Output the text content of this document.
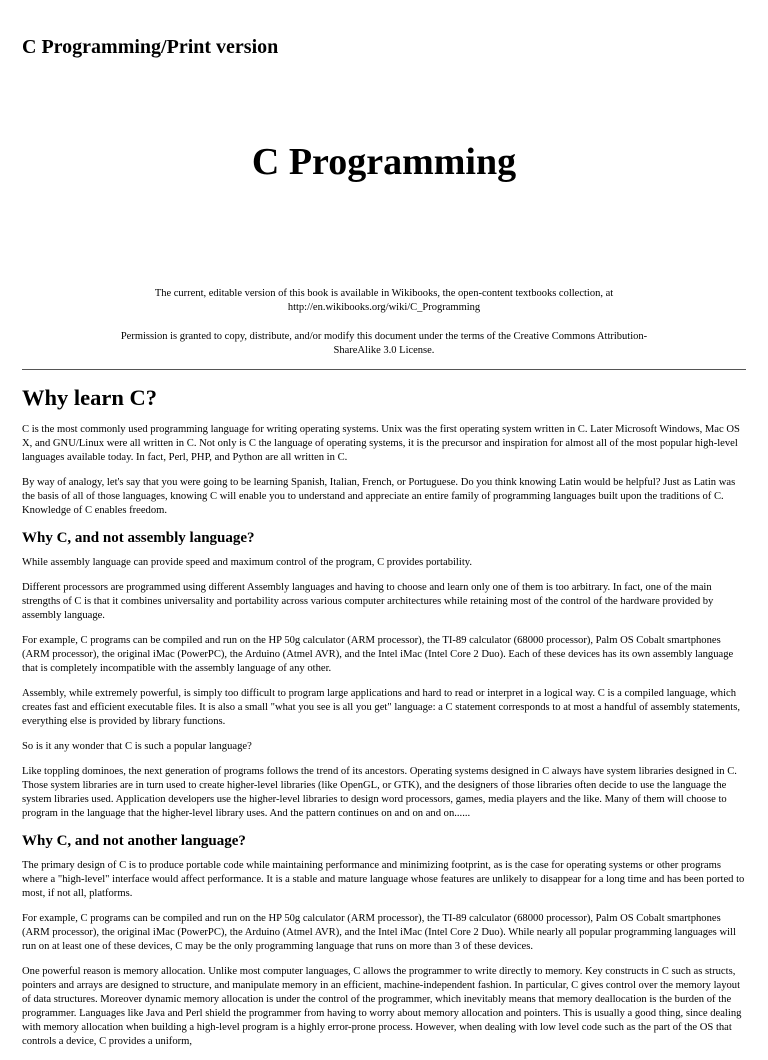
C Programming/Print version
C Programming

The current, editable version of this book is available in Wikibooks, the open-content textbooks collection, at http://en.wikibooks.org/wiki/C_Programming

Permission is granted to copy, distribute, and/or modify this document under the terms of the Creative Commons Attribution-ShareAlike 3.0 License.

Why learn C?

C is the most commonly used programming language for writing operating systems. Unix was the first operating system written in C. Later Microsoft Windows, Mac OS X, and GNU/Linux were all written in C. Not only is C the language of operating systems, it is the precursor and inspiration for almost all of the most popular high-level languages available today. In fact, Perl, PHP, and Python are all written in C.

By way of analogy, let's say that you were going to be learning Spanish, Italian, French, or Portuguese. Do you think knowing Latin would be helpful? Just as Latin was the basis of all of those languages, knowing C will enable you to understand and appreciate an entire family of programming languages built upon the traditions of C. Knowledge of C enables freedom.

Why C, and not assembly language?

While assembly language can provide speed and maximum control of the program, C provides portability.

Different processors are programmed using different Assembly languages and having to choose and learn only one of them is too arbitrary. In fact, one of the main strengths of C is that it combines universality and portability across various computer architectures while retaining most of the control of the hardware provided by assembly language.

For example, C programs can be compiled and run on the HP 50g calculator (ARM processor), the TI-89 calculator (68000 processor), Palm OS Cobalt smartphones (ARM processor), the original iMac (PowerPC), the Arduino (Atmel AVR), and the Intel iMac (Intel Core 2 Duo). Each of these devices has its own assembly language that is completely incompatible with the assembly language of any other.

Assembly, while extremely powerful, is simply too difficult to program large applications and hard to read or interpret in a logical way. C is a compiled language, which creates fast and efficient executable files. It is also a small "what you see is all you get" language: a C statement corresponds to at most a handful of assembly statements, everything else is provided by library functions.

So is it any wonder that C is such a popular language?

Like toppling dominoes, the next generation of programs follows the trend of its ancestors. Operating systems designed in C always have system libraries designed in C. Those system libraries are in turn used to create higher-level libraries (like OpenGL, or GTK), and the designers of those libraries often decide to use the language the system libraries used. Application developers use the higher-level libraries to design word processors, games, media players and the like. Many of them will choose to program in the language that the higher-level library uses. And the pattern continues on and on and on......

Why C, and not another language?

The primary design of C is to produce portable code while maintaining performance and minimizing footprint, as is the case for operating systems or other programs where a "high-level" interface would affect performance. It is a stable and mature language whose features are unlikely to disappear for a long time and has been ported to most, if not all, platforms.

For example, C programs can be compiled and run on the HP 50g calculator (ARM processor), the TI-89 calculator (68000 processor), Palm OS Cobalt smartphones (ARM processor), the original iMac (PowerPC), the Arduino (Atmel AVR), and the Intel iMac (Intel Core 2 Duo). While nearly all popular programming languages will run on at least one of these devices, C may be the only programming language that runs on more than 3 of these devices.

One powerful reason is memory allocation. Unlike most computer languages, C allows the programmer to write directly to memory. Key constructs in C such as structs, pointers and arrays are designed to structure, and manipulate memory in an efficient, machine-independent fashion. In particular, C gives control over the memory layout of data structures. Moreover dynamic memory allocation is under the control of the programmer, which inevitably means that memory deallocation is the burden of the programmer. Languages like Java and Perl shield the programmer from having to worry about memory allocation and pointers. This is usually a good thing, since dealing with memory allocation when building a high-level program is a highly error-prone process. However, when dealing with low level code such as the part of the OS that controls a device, C provides a uniform,
